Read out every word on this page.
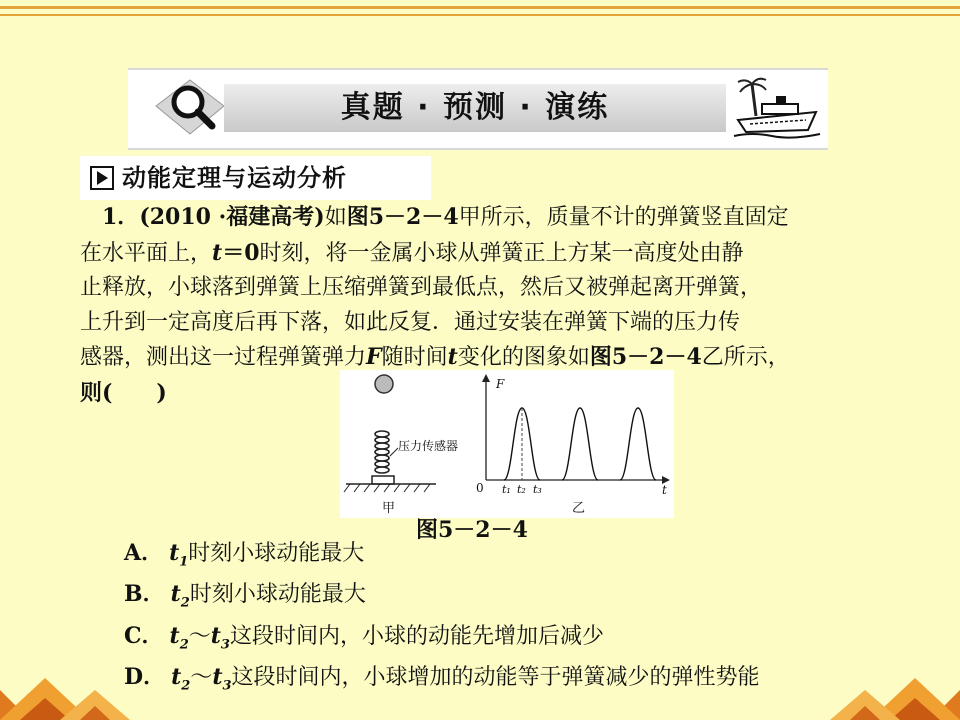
真题 · 预测 · 演练
动能定理与运动分析
1．(2010 ·福建高考)如图5－2－4甲所示，质量不计的弹簧竖直固定
在水平面上，t＝0时刻，将一金属小球从弹簧正上方某一高度处由静
止释放，小球落到弹簧上压缩弹簧到最低点，然后又被弹起离开弹簧，
上升到一定高度后再下落，如此反复．通过安装在弹簧下端的压力传
感器，测出这一过程弹簧弹力F随时间t变化的图象如图5－2－4乙所示，
则(　　)
压力传感器
甲
F
t
0 t₁ t₂ t₃
乙
图5－2－4
A． $t_1$时刻小球动能最大
B． $t_2$时刻小球动能最大
C． $t_2\sim t_3$这段时间内，小球的动能先增加后减少
D． $t_2\sim t_3$这段时间内，小球增加的动能等于弹簧减少的弹性势能
